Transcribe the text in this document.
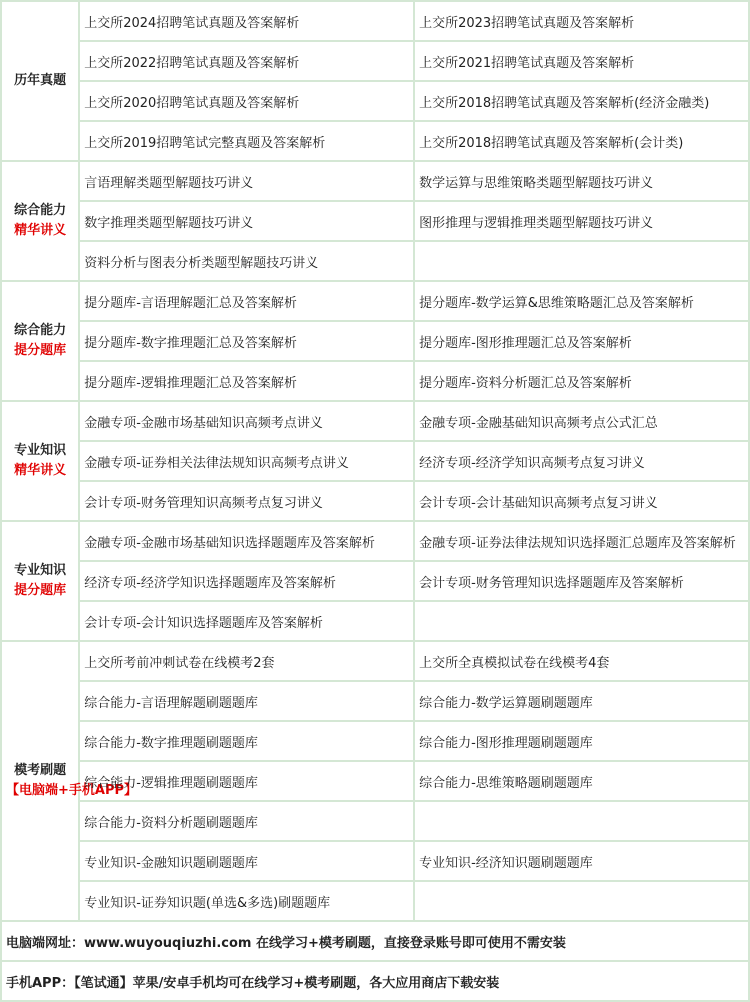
历年真题	上交所2024招聘笔试真题及答案解析	上交所2023招聘笔试真题及答案解析
	上交所2022招聘笔试真题及答案解析	上交所2021招聘笔试真题及答案解析
	上交所2020招聘笔试真题及答案解析	上交所2018招聘笔试真题及答案解析(经济金融类)
	上交所2019招聘笔试完整真题及答案解析	上交所2018招聘笔试真题及答案解析(会计类)

综合能力
精华讲义	言语理解类题型解题技巧讲义	数学运算与思维策略类题型解题技巧讲义
	数字推理类题型解题技巧讲义	图形推理与逻辑推理类题型解题技巧讲义
	资料分析与图表分析类题型解题技巧讲义	

综合能力
提分题库	提分题库-言语理解题汇总及答案解析	提分题库-数学运算&思维策略题汇总及答案解析
	提分题库-数字推理题汇总及答案解析	提分题库-图形推理题汇总及答案解析
	提分题库-逻辑推理题汇总及答案解析	提分题库-资料分析题汇总及答案解析

专业知识
精华讲义	金融专项-金融市场基础知识高频考点讲义	金融专项-金融基础知识高频考点公式汇总
	金融专项-证券相关法律法规知识高频考点讲义	经济专项-经济学知识高频考点复习讲义
	会计专项-财务管理知识高频考点复习讲义	会计专项-会计基础知识高频考点复习讲义

专业知识
提分题库	金融专项-金融市场基础知识选择题题库及答案解析	金融专项-证券法律法规知识选择题汇总题库及答案解析
	经济专项-经济学知识选择题题库及答案解析	会计专项-财务管理知识选择题题库及答案解析
	会计专项-会计知识选择题题库及答案解析	

模考刷题
【电脑端+手机APP】	上交所考前冲刺试卷在线模考2套	上交所全真模拟试卷在线模考4套
	综合能力-言语理解题刷题题库	综合能力-数学运算题刷题题库
	综合能力-数字推理题刷题题库	综合能力-图形推理题刷题题库
	综合能力-逻辑推理题刷题题库	综合能力-思维策略题刷题题库
	综合能力-资料分析题刷题题库	
	专业知识-金融知识题刷题题库	专业知识-经济知识题刷题题库
	专业知识-证券知识题(单选&多选)刷题题库	
电脑端网址：www.wuyouqiuzhi.com 在线学习+模考刷题，直接登录账号即可使用不需安装		
手机APP：【笔试通】苹果/安卓手机均可在线学习+模考刷题，各大应用商店下载安装		
